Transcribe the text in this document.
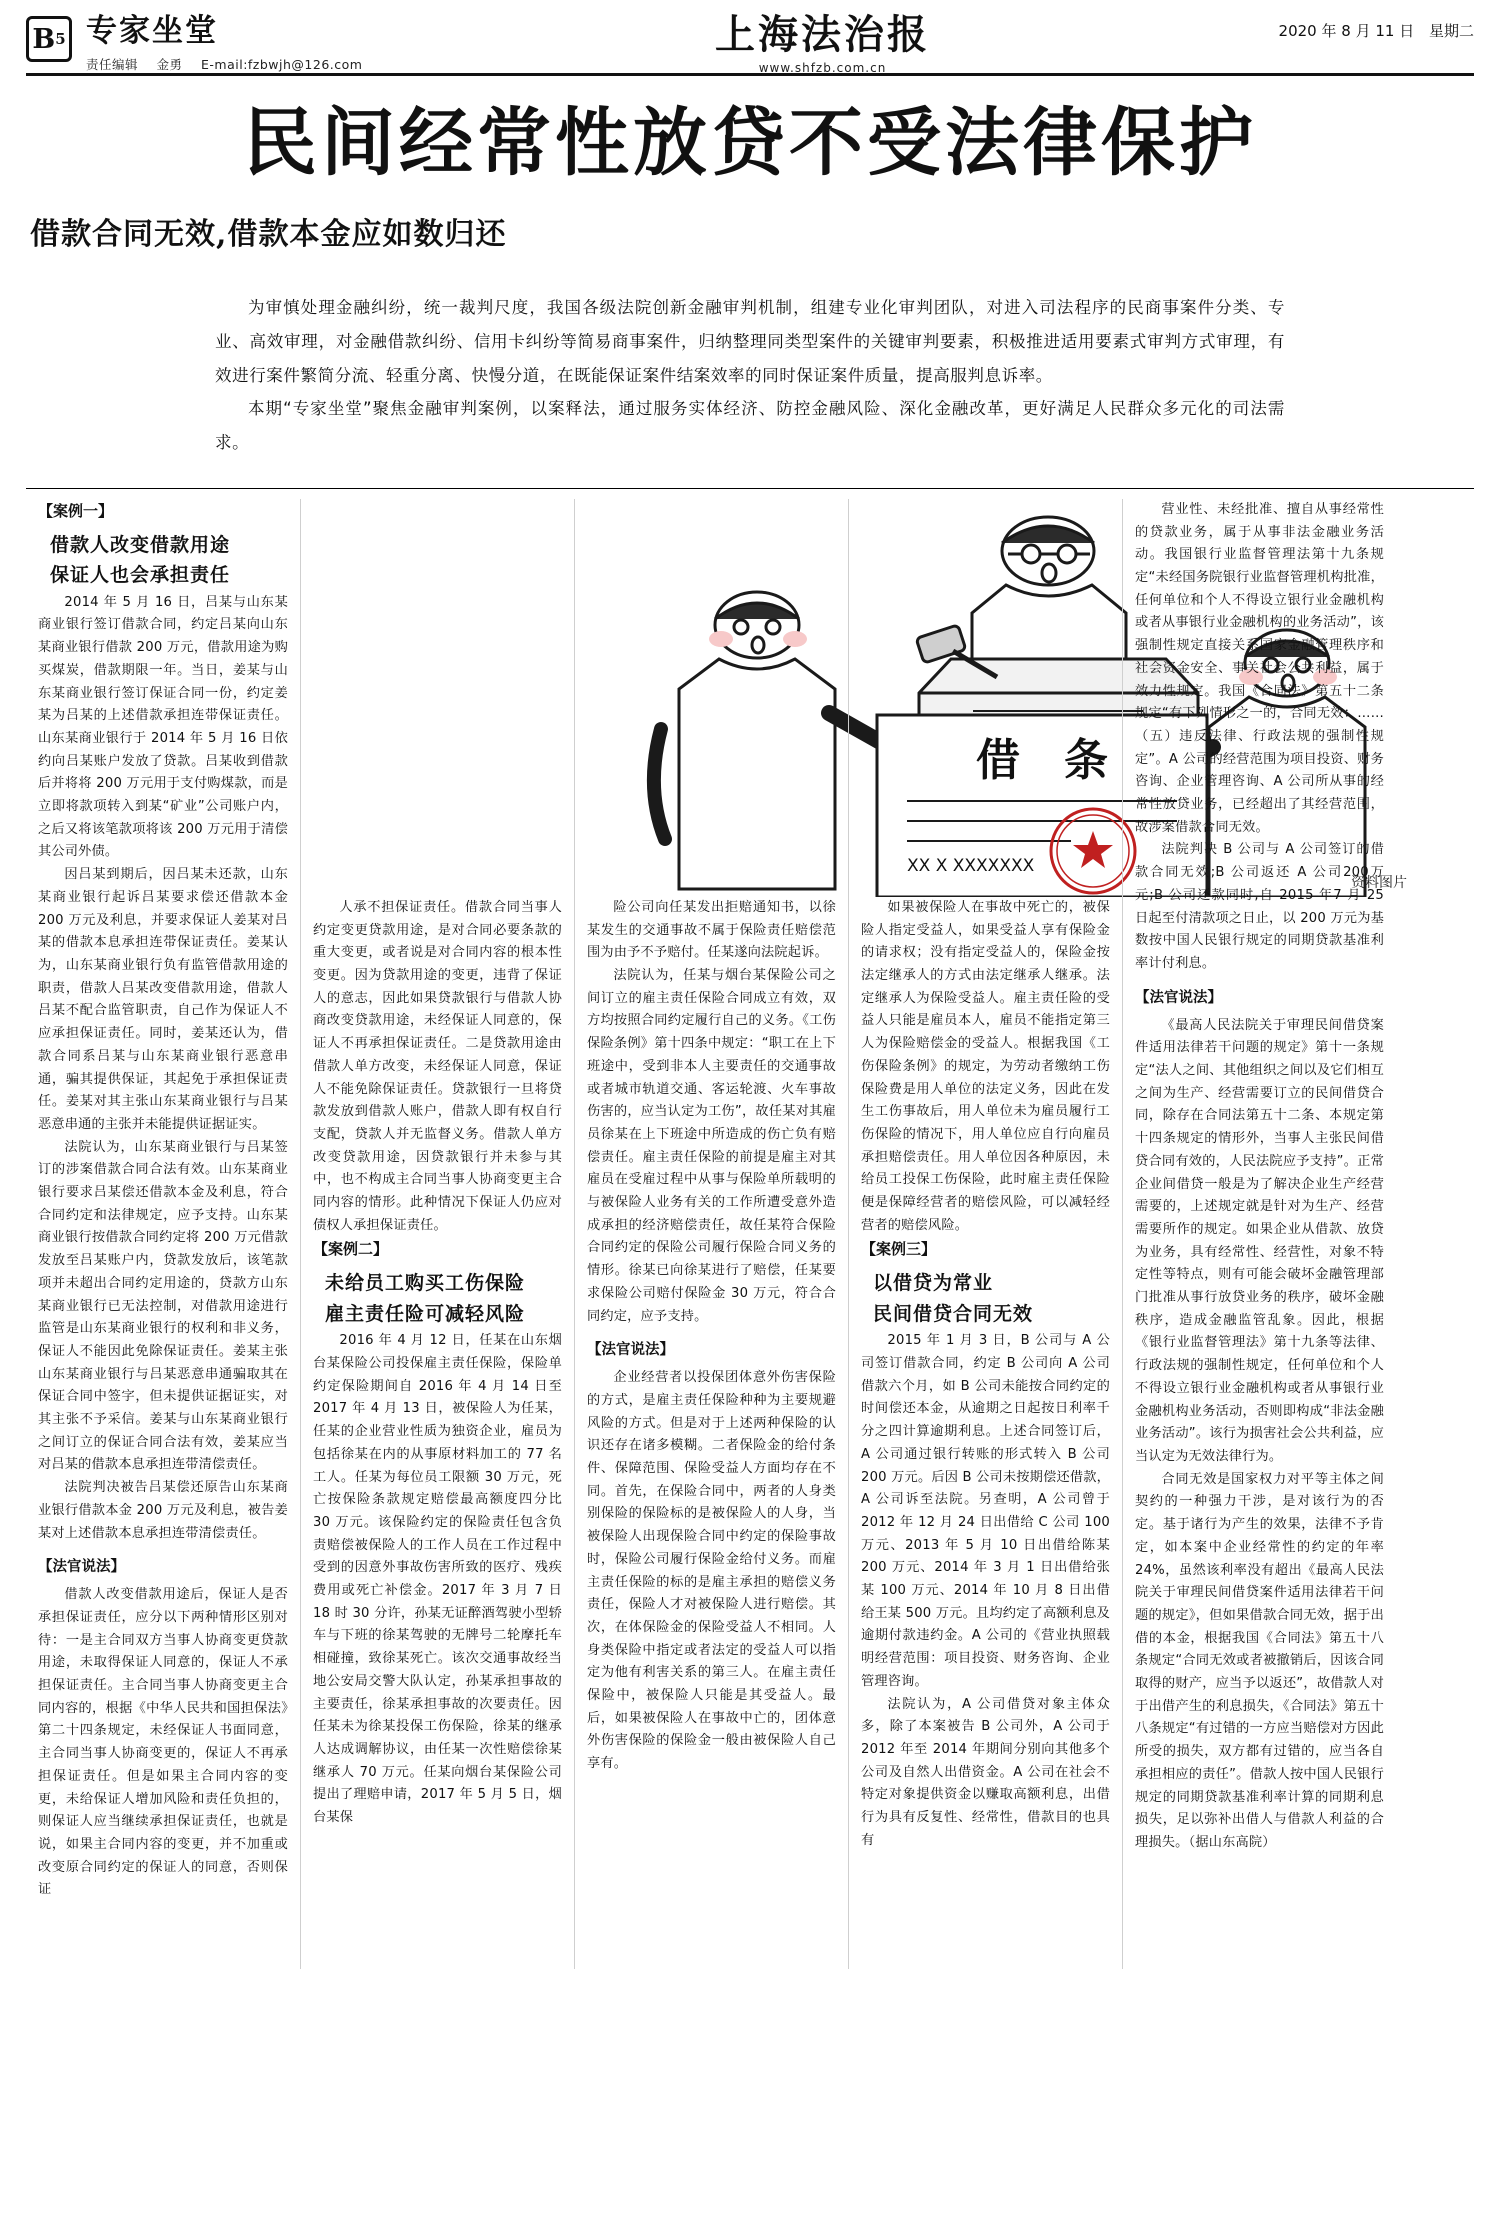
B 5 专家坐堂
责任编辑 金勇 E-mail:fzbwjh@126.com
上海法治报
www.shfzb.com.cn
2020 年 8 月 11 日 星期二
民间经常性放贷不受法律保护
借款合同无效,借款本金应如数归还

为审慎处理金融纠纷，统一裁判尺度，我国各级法院创新金融审判机制，组建专业化审判团队，对进入司法程序的民商事案件分类、专业、高效审理，对金融借款纠纷、信用卡纠纷等简易商事案件，归纳整理同类型案件的关键审判要素，积极推进适用要素式审判方式审理，有效进行案件繁简分流、轻重分离、快慢分道，在既能保证案件结案效率的同时保证案件质量，提高服判息诉率。

本期“专家坐堂”聚焦金融审判案例，以案释法，通过服务实体经济、防控金融风险、深化金融改革，更好满足人民群众多元化的司法需求。

【案例一】
借款人改变借款用途
保证人也会承担责任

2014 年 5 月 16 日，吕某与山东某商业银行签订借款合同，约定吕某向山东某商业银行借款 200 万元，借款用途为购买煤炭，借款期限一年。当日，姜某与山东某商业银行签订保证合同一份，约定姜某为吕某的上述借款承担连带保证责任。山东某商业银行于 2014 年 5 月 16 日依约向吕某账户发放了贷款。吕某收到借款后并将将 200 万元用于支付购煤款，而是立即将款项转入到某“矿业”公司账户内，之后又将该笔款项将该 200 万元用于清偿其公司外债。

因吕某到期后，因吕某未还款，山东某商业银行起诉吕某要求偿还借款本金 200 万元及利息，并要求保证人姜某对吕某的借款本息承担连带保证责任。姜某认为，山东某商业银行负有监管借款用途的职责，借款人吕某改变借款用途，借款人吕某不配合监管职责，自己作为保证人不应承担保证责任。同时，姜某还认为，借款合同系吕某与山东某商业银行恶意串通，骗其提供保证，其起免于承担保证责任。姜某对其主张山东某商业银行与吕某恶意串通的主张并未能提供证据证实。

法院认为，山东某商业银行与吕某签订的涉案借款合同合法有效。山东某商业银行要求吕某偿还借款本金及利息，符合合同约定和法律规定，应予支持。山东某商业银行按借款合同约定将 200 万元借款发放至吕某账户内，贷款发放后，该笔款项并未超出合同约定用途的，贷款方山东某商业银行已无法控制，对借款用途进行监管是山东某商业银行的权利和非义务，保证人不能因此免除保证责任。姜某主张山东某商业银行与吕某恶意串通骗取其在保证合同中签字，但未提供证据证实，对其主张不予采信。姜某与山东某商业银行之间订立的保证合同合法有效，姜某应当对吕某的借款本息承担连带清偿责任。

法院判决被告吕某偿还原告山东某商业银行借款本金 200 万元及利息，被告姜某对上述借款本息承担连带清偿责任。

【法官说法】

借款人改变借款用途后，保证人是否承担保证责任，应分以下两种情形区别对待：一是主合同双方当事人协商变更贷款用途，未取得保证人同意的，保证人不承担保证责任。主合同当事人协商变更主合同内容的，根据《中华人民共和国担保法》第二十四条规定，未经保证人书面同意，主合同当事人协商变更的，保证人不再承担保证责任。但是如果主合同内容的变更，未给保证人增加风险和责任负担的，则保证人应当继续承担保证责任，也就是说，如果主合同内容的变更，并不加重或改变原合同约定的保证人的同意，否则保证

人承不担保证责任。借款合同当事人约定变更贷款用途，是对合同必要条款的重大变更，或者说是对合同内容的根本性变更。因为贷款用途的变更，违背了保证人的意志，因此如果贷款银行与借款人协商改变贷款用途，未经保证人同意的，保证人不再承担保证责任。二是贷款用途由借款人单方改变，未经保证人同意，保证人不能免除保证责任。贷款银行一旦将贷款发放到借款人账户，借款人即有权自行支配，贷款人并无监督义务。借款人单方改变贷款用途，因贷款银行并未参与其中，也不构成主合同当事人协商变更主合同内容的情形。此种情况下保证人仍应对债权人承担保证责任。

【案例二】
未给员工购买工伤保险
雇主责任险可减轻风险

2016 年 4 月 12 日，任某在山东烟台某保险公司投保雇主责任保险，保险单约定保险期间自 2016 年 4 月 14 日至 2017 年 4 月 13 日，被保险人为任某，任某的企业营业性质为独资企业，雇员为包括徐某在内的从事原材料加工的 77 名工人。任某为每位员工限额 30 万元，死亡按保险条款规定赔偿最高额度四分比 30 万元。该保险约定的保险责任包含负责赔偿被保险人的工作人员在工作过程中受到的因意外事故伤害所致的医疗、残疾费用或死亡补偿金。2017 年 3 月 7 日 18 时 30 分许，孙某无证醉酒驾驶小型轿车与下班的徐某驾驶的无牌号二轮摩托车相碰撞，致徐某死亡。该次交通事故经当地公安局交警大队认定，孙某承担事故的主要责任，徐某承担事故的次要责任。因任某未为徐某投保工伤保险，徐某的继承人达成调解协议，由任某一次性赔偿徐某继承人 70 万元。任某向烟台某保险公司提出了理赔申请，2017 年 5 月 5 日，烟台某保

借　条
XX X XXXXXXX
资料图片

险公司向任某发出拒赔通知书，以徐某发生的交通事故不属于保险责任赔偿范围为由予不予赔付。任某遂向法院起诉。

法院认为，任某与烟台某保险公司之间订立的雇主责任保险合同成立有效，双方均按照合同约定履行自己的义务。《工伤保险条例》第十四条中规定：“职工在上下班途中，受到非本人主要责任的交通事故或者城市轨道交通、客运轮渡、火车事故伤害的，应当认定为工伤”，故任某对其雇员徐某在上下班途中所造成的伤亡负有赔偿责任。雇主责任保险的前提是雇主对其雇员在受雇过程中从事与保险单所载明的与被保险人业务有关的工作所遭受意外造成承担的经济赔偿责任，故任某符合保险合同约定的保险公司履行保险合同义务的情形。徐某已向徐某进行了赔偿，任某要求保险公司赔付保险金 30 万元，符合合同约定，应予支持。

【法官说法】

企业经营者以投保团体意外伤害保险的方式，是雇主责任保险种种为主要规避风险的方式。但是对于上述两种保险的认识还存在诸多模糊。二者保险金的给付条件、保障范围、保险受益人方面均存在不同。首先，在保险合同中，两者的人身类别保险的保险标的是被保险人的人身，当被保险人出现保险合同中约定的保险事故时，保险公司履行保险金给付义务。而雇主责任保险的标的是雇主承担的赔偿义务责任，保险人才对被保险人进行赔偿。其次，在体保险金的保险受益人不相同。人身类保险中指定或者法定的受益人可以指定为他有利害关系的第三人。在雇主责任保险中，被保险人只能是其受益人。最后，如果被保险人在事故中亡的，团体意外伤害保险的保险金一般由被保险人自己享有。

如果被保险人在事故中死亡的，被保险人指定受益人，如果受益人享有保险金的请求权；没有指定受益人的，保险金按法定继承人的方式由法定继承人继承。法定继承人为保险受益人。雇主责任险的受益人只能是雇员本人，雇员不能指定第三人为保险赔偿金的受益人。根据我国《工伤保险条例》的规定，为劳动者缴纳工伤保险费是用人单位的法定义务，因此在发生工伤事故后，用人单位未为雇员履行工伤保险的情况下，用人单位应自行向雇员承担赔偿责任。用人单位因各种原因，未给员工投保工伤保险，此时雇主责任保险便是保障经营者的赔偿风险，可以减轻经营者的赔偿风险。

【案例三】
以借贷为常业
民间借贷合同无效

2015 年 1 月 3 日，B 公司与 A 公司签订借款合同，约定 B 公司向 A 公司借款六个月，如 B 公司未能按合同约定的时间偿还本金，从逾期之日起按日利率千分之四计算逾期利息。上述合同签订后，A 公司通过银行转账的形式转入 B 公司 200 万元。后因 B 公司未按期偿还借款，A 公司诉至法院。另查明，A 公司曾于 2012 年 12 月 24 日出借给 C 公司 100 万元、2013 年 5 月 10 日出借给陈某 200 万元、2014 年 3 月 1 日出借给张某 100 万元、2014 年 10 月 8 日出借给王某 500 万元。且均约定了高额利息及逾期付款违约金。A 公司的《营业执照载明经营范围：项目投资、财务咨询、企业管理咨询。

法院认为，A 公司借贷对象主体众多，除了本案被告 B 公司外，A 公司于 2012 年至 2014 年期间分别向其他多个公司及自然人出借资金。A 公司在社会不特定对象提供资金以赚取高额利息，出借行为具有反复性、经常性，借款目的也具有

营业性、未经批准、擅自从事经常性的贷款业务，属于从事非法金融业务活动。我国银行业监督管理法第十九条规定“未经国务院银行业监督管理机构批准，任何单位和个人不得设立银行业金融机构或者从事银行业金融机构的业务活动”，该强制性规定直接关系国家金融管理秩序和社会资金安全、事关社会公共利益，属于效力性规定。我国《合同法》第五十二条规定“有下列情形之一的，合同无效：……（五）违反法律、行政法规的强制性规定”。A 公司的经营范围为项目投资、财务咨询、企业管理咨询、A 公司所从事的经常性放贷业务，已经超出了其经营范围，故涉案借款合同无效。

法院判决 B 公司与 A 公司签订的借款合同无效;B 公司返还 A 公司200万元;B 公司还款同时,自 2015 年7 月 25 日起至付清款项之日止，以 200 万元为基数按中国人民银行规定的同期贷款基准利率计付利息。

【法官说法】

《最高人民法院关于审理民间借贷案件适用法律若干问题的规定》第十一条规定“法人之间、其他组织之间以及它们相互之间为生产、经营需要订立的民间借贷合同，除存在合同法第五十二条、本规定第十四条规定的情形外，当事人主张民间借贷合同有效的，人民法院应予支持”。正常企业间借贷一般是为了解决企业生产经营需要的，上述规定就是针对为生产、经营需要所作的规定。如果企业从借款、放贷为业务，具有经常性、经营性，对象不特定性等特点，则有可能会破坏金融管理部门批准从事行放贷业务的秩序，破坏金融秩序，造成金融监管乱象。因此，根据《银行业监督管理法》第十九条等法律、行政法规的强制性规定，任何单位和个人不得设立银行业金融机构或者从事银行业金融机构业务活动，否则即构成“非法金融业务活动”。该行为损害社会公共利益，应当认定为无效法律行为。

合同无效是国家权力对平等主体之间契约的一种强力干涉，是对该行为的否定。基于诸行为产生的效果，法律不予肯定，如本案中企业经常性的约定的年率24%，虽然该利率没有超出《最高人民法院关于审理民间借贷案件适用法律若干问题的规定》，但如果借款合同无效，据于出借的本金，根据我国《合同法》第五十八条规定“合同无效或者被撤销后，因该合同取得的财产，应当予以返还”，故借款人对于出借产生的利息损失，《合同法》第五十八条规定“有过错的一方应当赔偿对方因此所受的损失，双方都有过错的，应当各自承担相应的责任”。借款人按中国人民银行规定的同期贷款基准利率计算的同期利息损失，足以弥补出借人与借款人利益的合理损失。（据山东高院）
